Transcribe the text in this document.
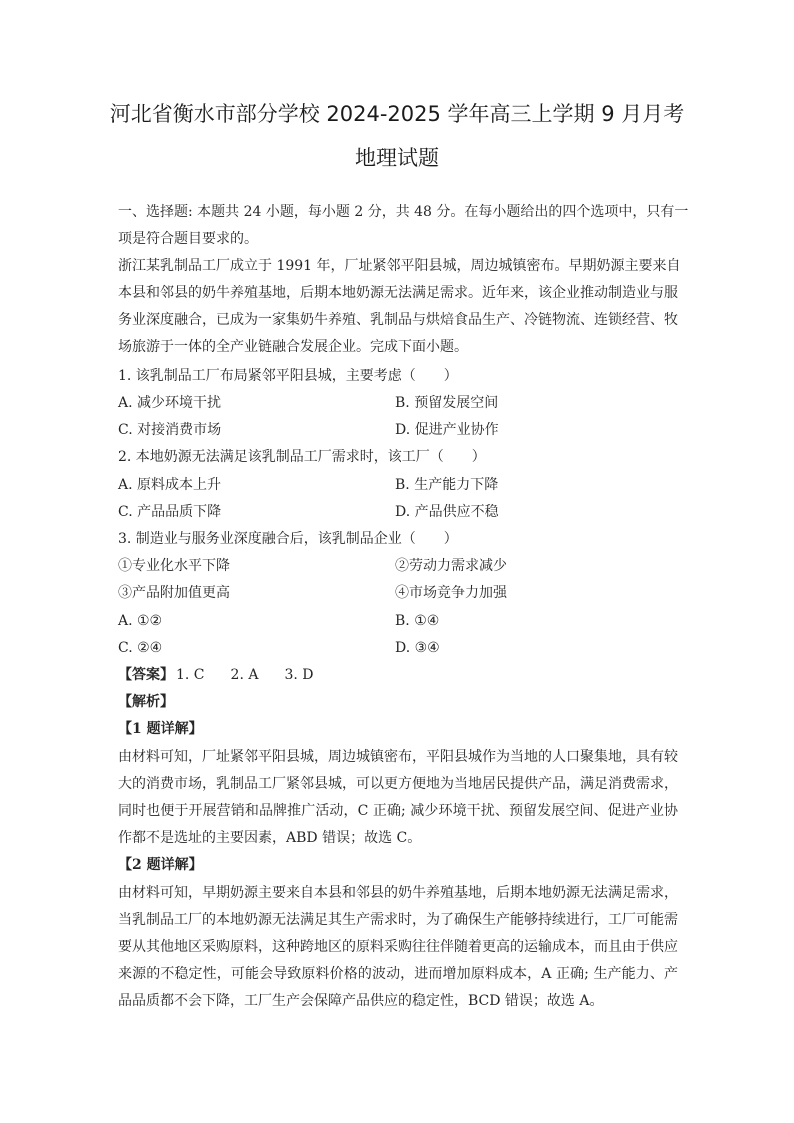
河北省衡水市部分学校 2024-2025 学年高三上学期 9 月月考
地理试题
一、选择题: 本题共 24 小题，每小题 2 分，共 48 分。在每小题给出的四个选项中，只有一
项是符合题目要求的。
浙江某乳制品工厂成立于 1991 年，厂址紧邻平阳县城，周边城镇密布。早期奶源主要来自
本县和邻县的奶牛养殖基地，后期本地奶源无法满足需求。近年来，该企业推动制造业与服
务业深度融合，已成为一家集奶牛养殖、乳制品与烘焙食品生产、冷链物流、连锁经营、牧
场旅游于一体的全产业链融合发展企业。完成下面小题。
1. 该乳制品工厂布局紧邻平阳县城，主要考虑（　　）
A. 减少环境干扰	B. 预留发展空间
C. 对接消费市场	D. 促进产业协作
2. 本地奶源无法满足该乳制品工厂需求时，该工厂（　　）
A. 原料成本上升	B. 生产能力下降
C. 产品品质下降	D. 产品供应不稳
3. 制造业与服务业深度融合后，该乳制品企业（　　）
①专业化水平下降	②劳动力需求减少
③产品附加值更高	④市场竞争力加强
A. ①②	B. ①④
C. ②④	D. ③④
【答案】 1. C 2. A 3. D
【解析】
【1 题详解】
由材料可知，厂址紧邻平阳县城，周边城镇密布，平阳县城作为当地的人口聚集地，具有较
大的消费市场，乳制品工厂紧邻县城，可以更方便地为当地居民提供产品，满足消费需求，
同时也便于开展营销和品牌推广活动，C 正确; 减少环境干扰、预留发展空间、促进产业协
作都不是选址的主要因素，ABD 错误；故选 C。
【2 题详解】
由材料可知，早期奶源主要来自本县和邻县的奶牛养殖基地，后期本地奶源无法满足需求，
当乳制品工厂的本地奶源无法满足其生产需求时，为了确保生产能够持续进行，工厂可能需
要从其他地区采购原料，这种跨地区的原料采购往往伴随着更高的运输成本，而且由于供应
来源的不稳定性，可能会导致原料价格的波动，进而增加原料成本，A 正确; 生产能力、产
品品质都不会下降，工厂生产会保障产品供应的稳定性，BCD 错误；故选 A。
